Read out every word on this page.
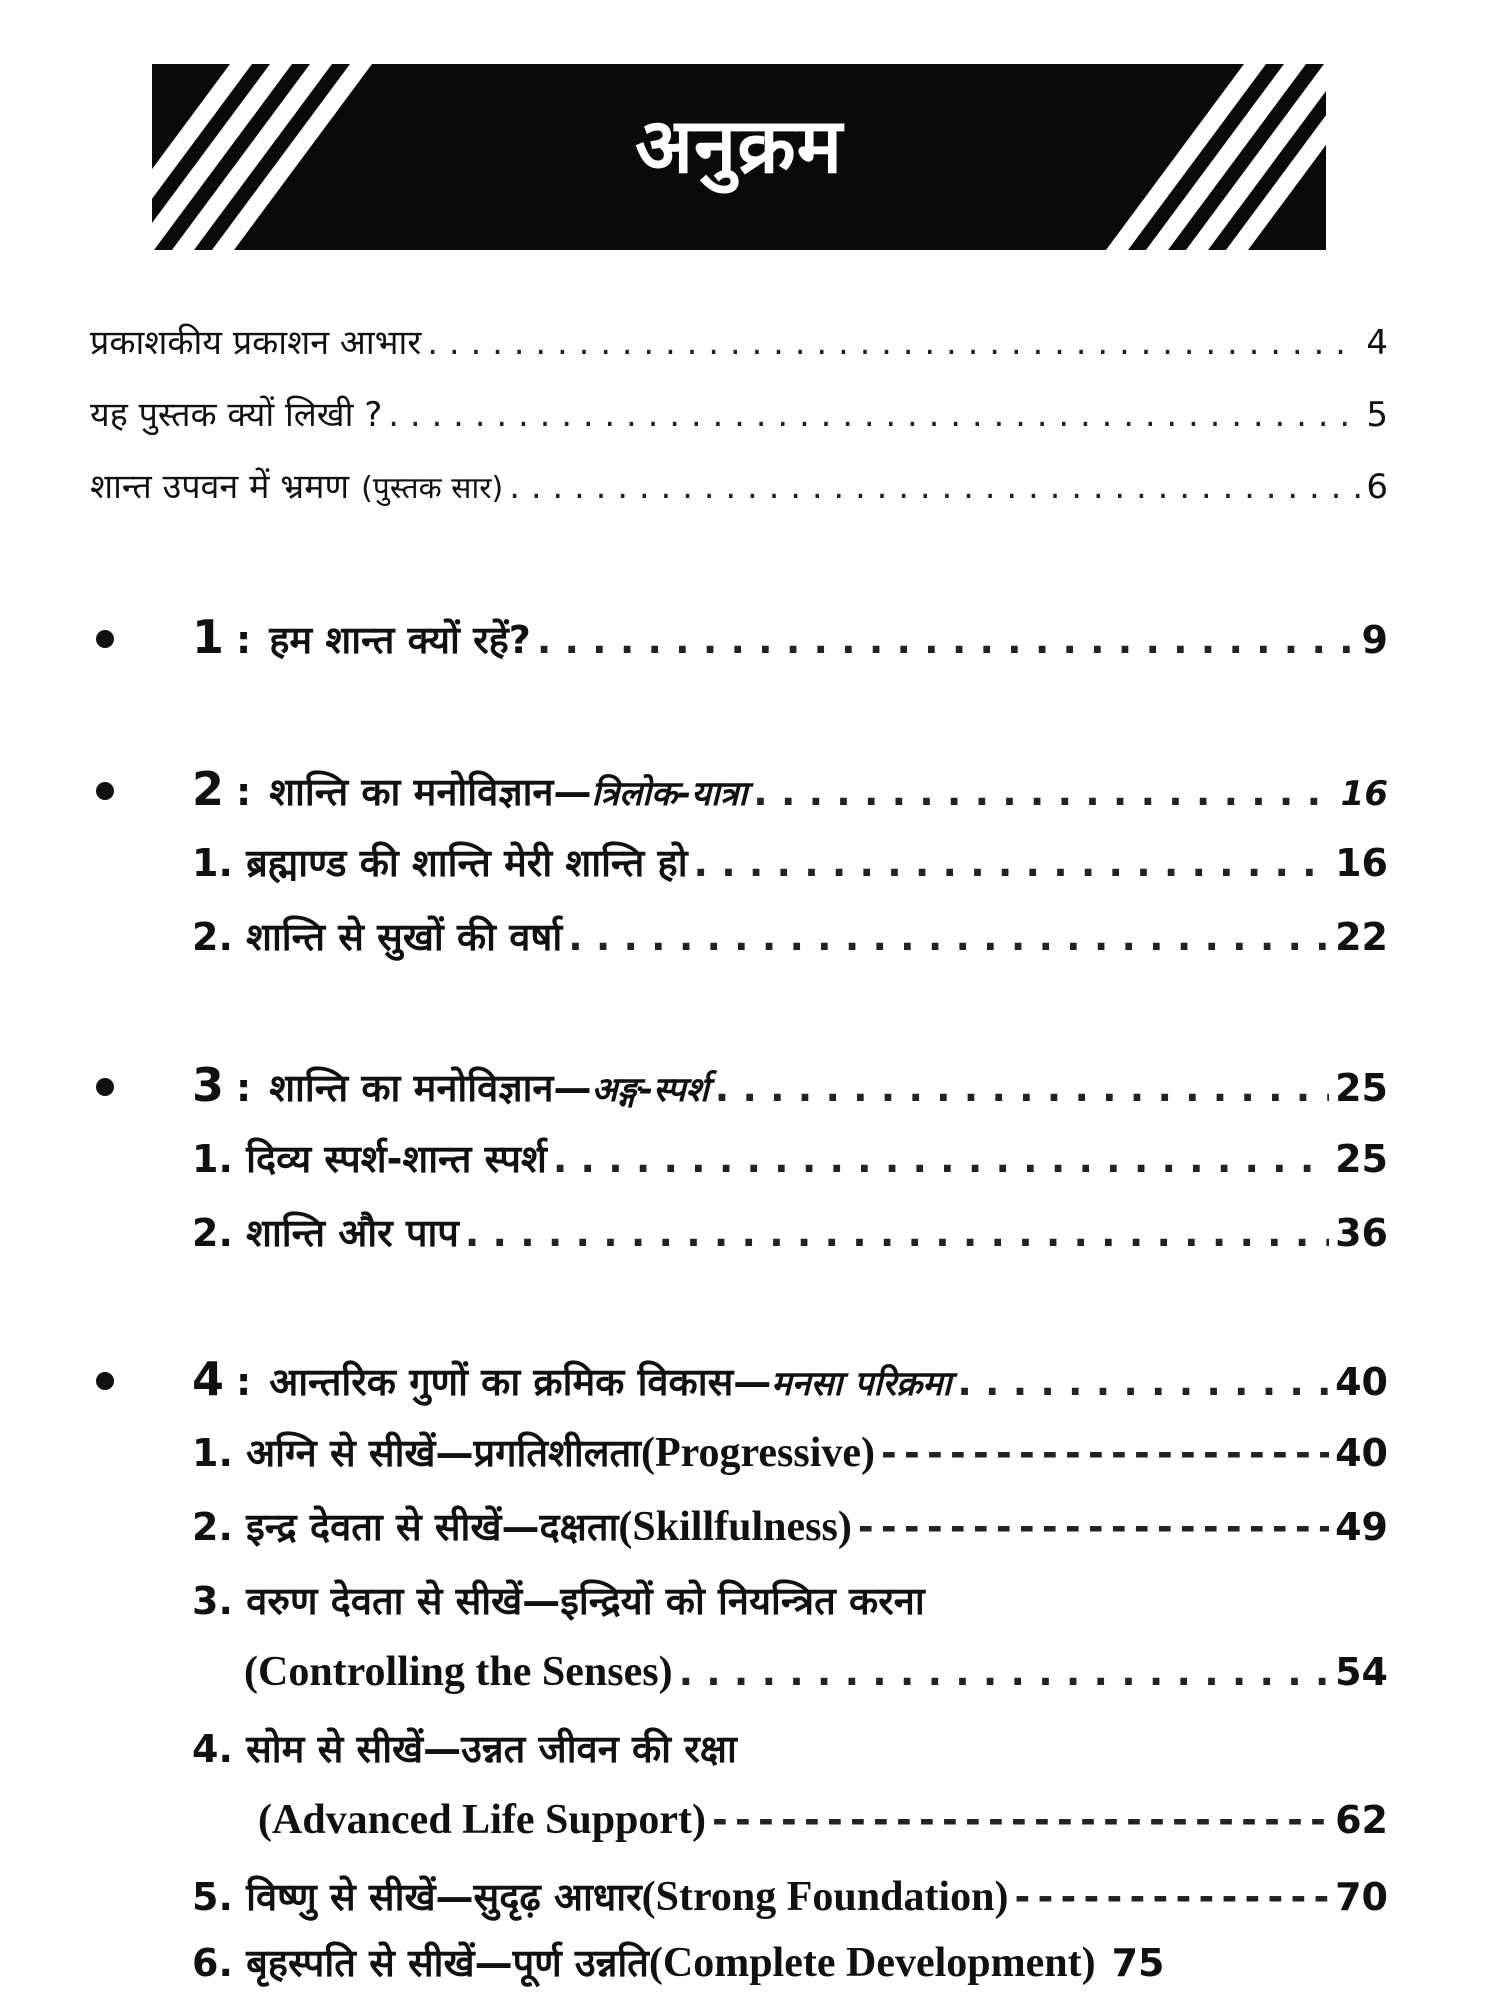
अनुक्रम
प्रकाशकीय प्रकाशन आभार . . .	4
यह पुस्तक क्यों लिखी ? . . .	5
शान्त उपवन में भ्रमण (पुस्तक सार) . . .	6
1 : हम शान्त क्यों रहें? . . .	9
2 : शान्ति का मनोविज्ञान— त्रिलोक-यात्रा . . .	16
1. ब्रह्माण्ड की शान्ति मेरी शान्ति हो . . .	16
2. शान्ति से सुखों की वर्षा . . .	22
3 : शान्ति का मनोविज्ञान— अङ्ग-स्पर्श . . .	25
1. दिव्य स्पर्श-शान्त स्पर्श . . .	25
2. शान्ति और पाप . . .	36
4 : आन्तरिक गुणों का क्रमिक विकास— मनसा परिक्रमा . . .	40
1. अग्नि से सीखें—प्रगतिशीलता (Progressive) - - -	40
2. इन्द्र देवता से सीखें—दक्षता (Skillfulness) - - -	49
3. वरुण देवता से सीखें—इन्द्रियों को नियन्त्रित करना
(Controlling the Senses) . . .	54
4. सोम से सीखें—उन्नत जीवन की रक्षा
(Advanced Life Support) - - -	62
5. विष्णु से सीखें—सुदृढ़ आधार (Strong Foundation) - - -	70
6. बृहस्पति से सीखें—पूर्ण उन्नति (Complete Development) 75
